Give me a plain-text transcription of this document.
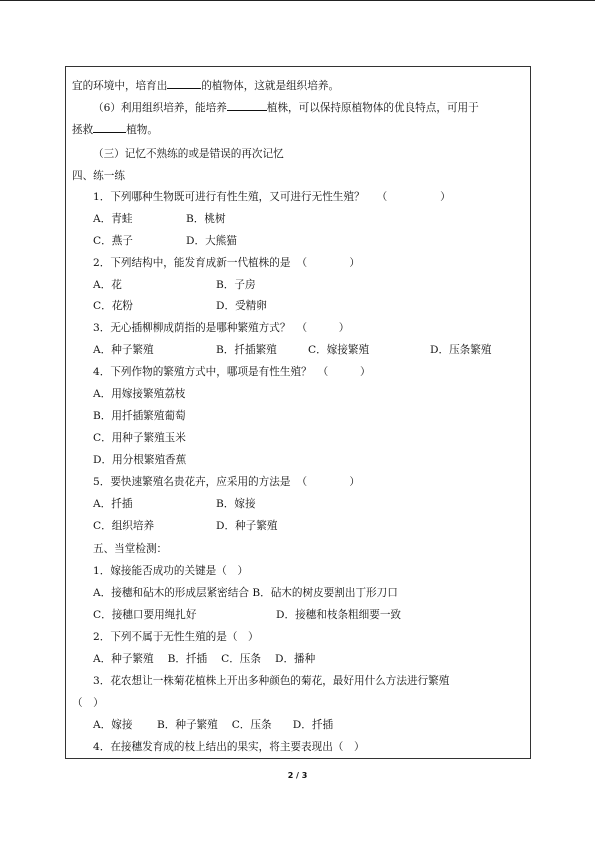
宜的环境中，培育出	的植物体，这就是组织培养。
（6）利用组织培养，能培养	植株，可以保持原植物体的优良特点，可用于
拯救	植物。
（三）记忆不熟练的或是错误的再次记忆
四、练一练
1．下列哪种生物既可进行有性生殖，又可进行无性生殖？ （　　　　　）
A．青蛙	B．桃树
C．燕子	D．大熊猫
2．下列结构中，能发育成新一代植株的是 （　　　　）
A．花	B．子房
C．花粉	D．受精卵
3．无心插柳柳成荫指的是哪种繁殖方式？ （　　　）
A．种子繁殖	B．扦插繁殖	C．嫁接繁殖	D．压条繁殖
4．下列作物的繁殖方式中，哪项是有性生殖？ （　　　）
A．用嫁接繁殖荔枝
B．用扦插繁殖葡萄
C．用种子繁殖玉米
D．用分根繁殖香蕉
5．要快速繁殖名贵花卉，应采用的方法是 （　　　　）
A．扦插	B．嫁接
C．组织培养	D．种子繁殖
五、当堂检测：
1．嫁接能否成功的关键是（　）
A．接穗和砧木的形成层紧密结合 B．砧木的树皮要割出丁形刀口
C．接穗口要用绳扎好	D．接穗和枝条粗细要一致
2．下列不属于无性生殖的是（　）
A．种子繁殖　 B．扦插　 C．压条　 D．播种
3．花农想让一株菊花植株上开出多种颜色的菊花，最好用什么方法进行繁殖
（　）
A．嫁接　　 B．种子繁殖　 C．压条　　D．扦插
4．在接穗发育成的枝上结出的果实，将主要表现出（　）
2 / 3
